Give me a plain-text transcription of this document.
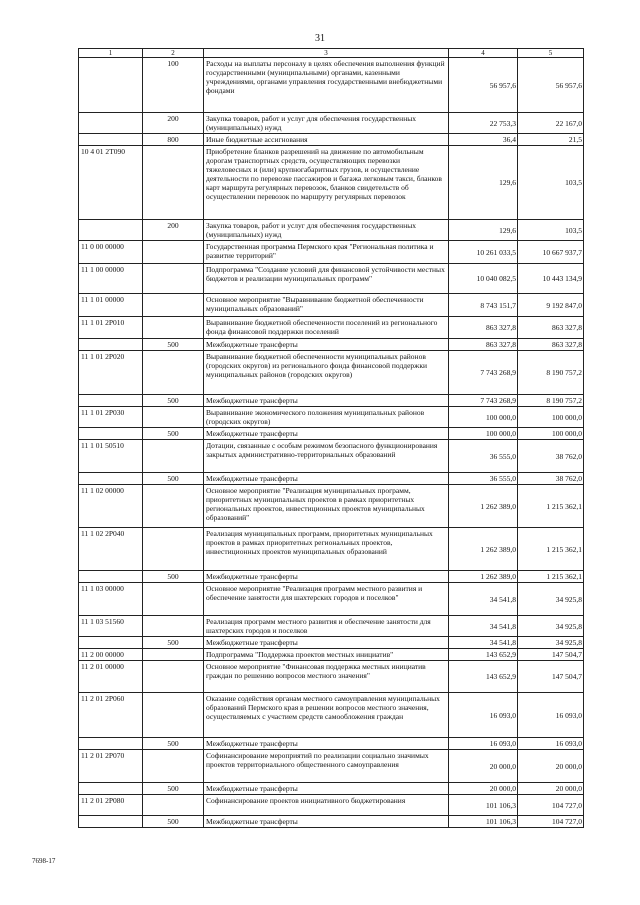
31
1	2	3	4	5
	100	Расходы на выплаты персоналу в целях обеспечения выполнения функций государственными (муниципальными) органами, казенными учреждениями, органами управления государственными внебюджетными фондами	56 957,6	56 957,6
	200	Закупка товаров, работ и услуг для обеспечения государственных (муниципальных) нужд	22 753,3	22 167,0
	800	Иные бюджетные ассигнования	36,4	21,5
10 4 01 2T090		Приобретение бланков разрешений на движение по автомобильным дорогам транспортных средств, осуществляющих перевозки тяжеловесных и (или) крупногабаритных грузов, и осуществление деятельности по перевозке пассажиров и багажа легковым такси, бланков карт маршрута регулярных перевозок, бланков свидетельств об осуществлении перевозок по маршруту регулярных перевозок	129,6	103,5
	200	Закупка товаров, работ и услуг для обеспечения государственных (муниципальных) нужд	129,6	103,5
11 0 00 00000		Государственная программа Пермского края "Региональная политика и развитие территорий"	10 261 033,5	10 667 937,7
11 1 00 00000		Подпрограмма "Создание условий для финансовой устойчивости местных бюджетов и реализации муниципальных программ"	10 040 082,5	10 443 134,9
11 1 01 00000		Основное мероприятие "Выравнивание бюджетной обеспеченности муниципальных образований"	8 743 151,7	9 192 847,0
11 1 01 2P010		Выравнивание бюджетной обеспеченности поселений из регионального фонда финансовой поддержки поселений	863 327,8	863 327,8
	500	Межбюджетные трансферты	863 327,8	863 327,8
11 1 01 2P020		Выравнивание бюджетной обеспеченности муниципальных районов (городских округов) из регионального фонда финансовой поддержки муниципальных районов (городских округов)	7 743 268,9	8 190 757,2
	500	Межбюджетные трансферты	7 743 268,9	8 190 757,2
11 1 01 2P030		Выравнивание экономического положения муниципальных районов (городских округов)	100 000,0	100 000,0
	500	Межбюджетные трансферты	100 000,0	100 000,0
11 1 01 50510		Дотации, связанные с особым режимом безопасного функционирования закрытых административно-территориальных образований	36 555,0	38 762,0
	500	Межбюджетные трансферты	36 555,0	38 762,0
11 1 02 00000		Основное мероприятие "Реализация муниципальных программ, приоритетных муниципальных проектов в рамках приоритетных региональных проектов, инвестиционных проектов муниципальных образований"	1 262 389,0	1 215 362,1
11 1 02 2P040		Реализация муниципальных программ, приоритетных муниципальных проектов в рамках приоритетных региональных проектов, инвестиционных проектов муниципальных образований	1 262 389,0	1 215 362,1
	500	Межбюджетные трансферты	1 262 389,0	1 215 362,1
11 1 03 00000		Основное мероприятие "Реализация программ местного развития и обеспечение занятости для шахтерских городов и поселков"	34 541,8	34 925,8
11 1 03 51560		Реализация программ местного развития и обеспечение занятости для шахтерских городов и поселков	34 541,8	34 925,8
	500	Межбюджетные трансферты	34 541,8	34 925,8
11 2 00 00000		Подпрограмма "Поддержка проектов местных инициатив"	143 652,9	147 504,7
11 2 01 00000		Основное мероприятие "Финансовая поддержка местных инициатив граждан по решению вопросов местного значения"	143 652,9	147 504,7
11 2 01 2P060		Оказание содействия органам местного самоуправления муниципальных образований Пермского края в решении вопросов местного значения, осуществляемых с участием средств самообложения граждан	16 093,0	16 093,0
	500	Межбюджетные трансферты	16 093,0	16 093,0
11 2 01 2P070		Софинансирование мероприятий по реализации социально значимых проектов территориального общественного самоуправления	20 000,0	20 000,0
	500	Межбюджетные трансферты	20 000,0	20 000,0
11 2 01 2P080		Софинансирование проектов инициативного бюджетирования	101 106,3	104 727,0
	500	Межбюджетные трансферты	101 106,3	104 727,0
7698-17
